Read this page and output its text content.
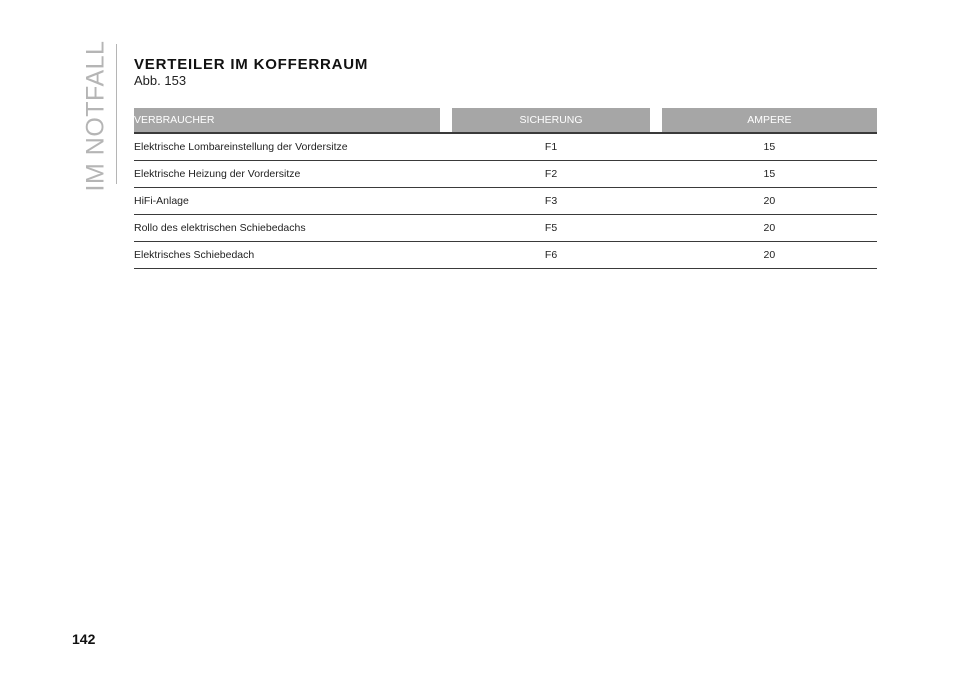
IM NOTFALL VERTEILER IM KOFFERRAUM
Abb. 153
VERBRAUCHER		SICHERUNG		AMPERE
Elektrische Lombareinstellung der Vordersitze		F1		15
Elektrische Heizung der Vordersitze		F2		15
HiFi-Anlage		F3		20
Rollo des elektrischen Schiebedachs		F5		20
Elektrisches Schiebedach		F6		20
142
